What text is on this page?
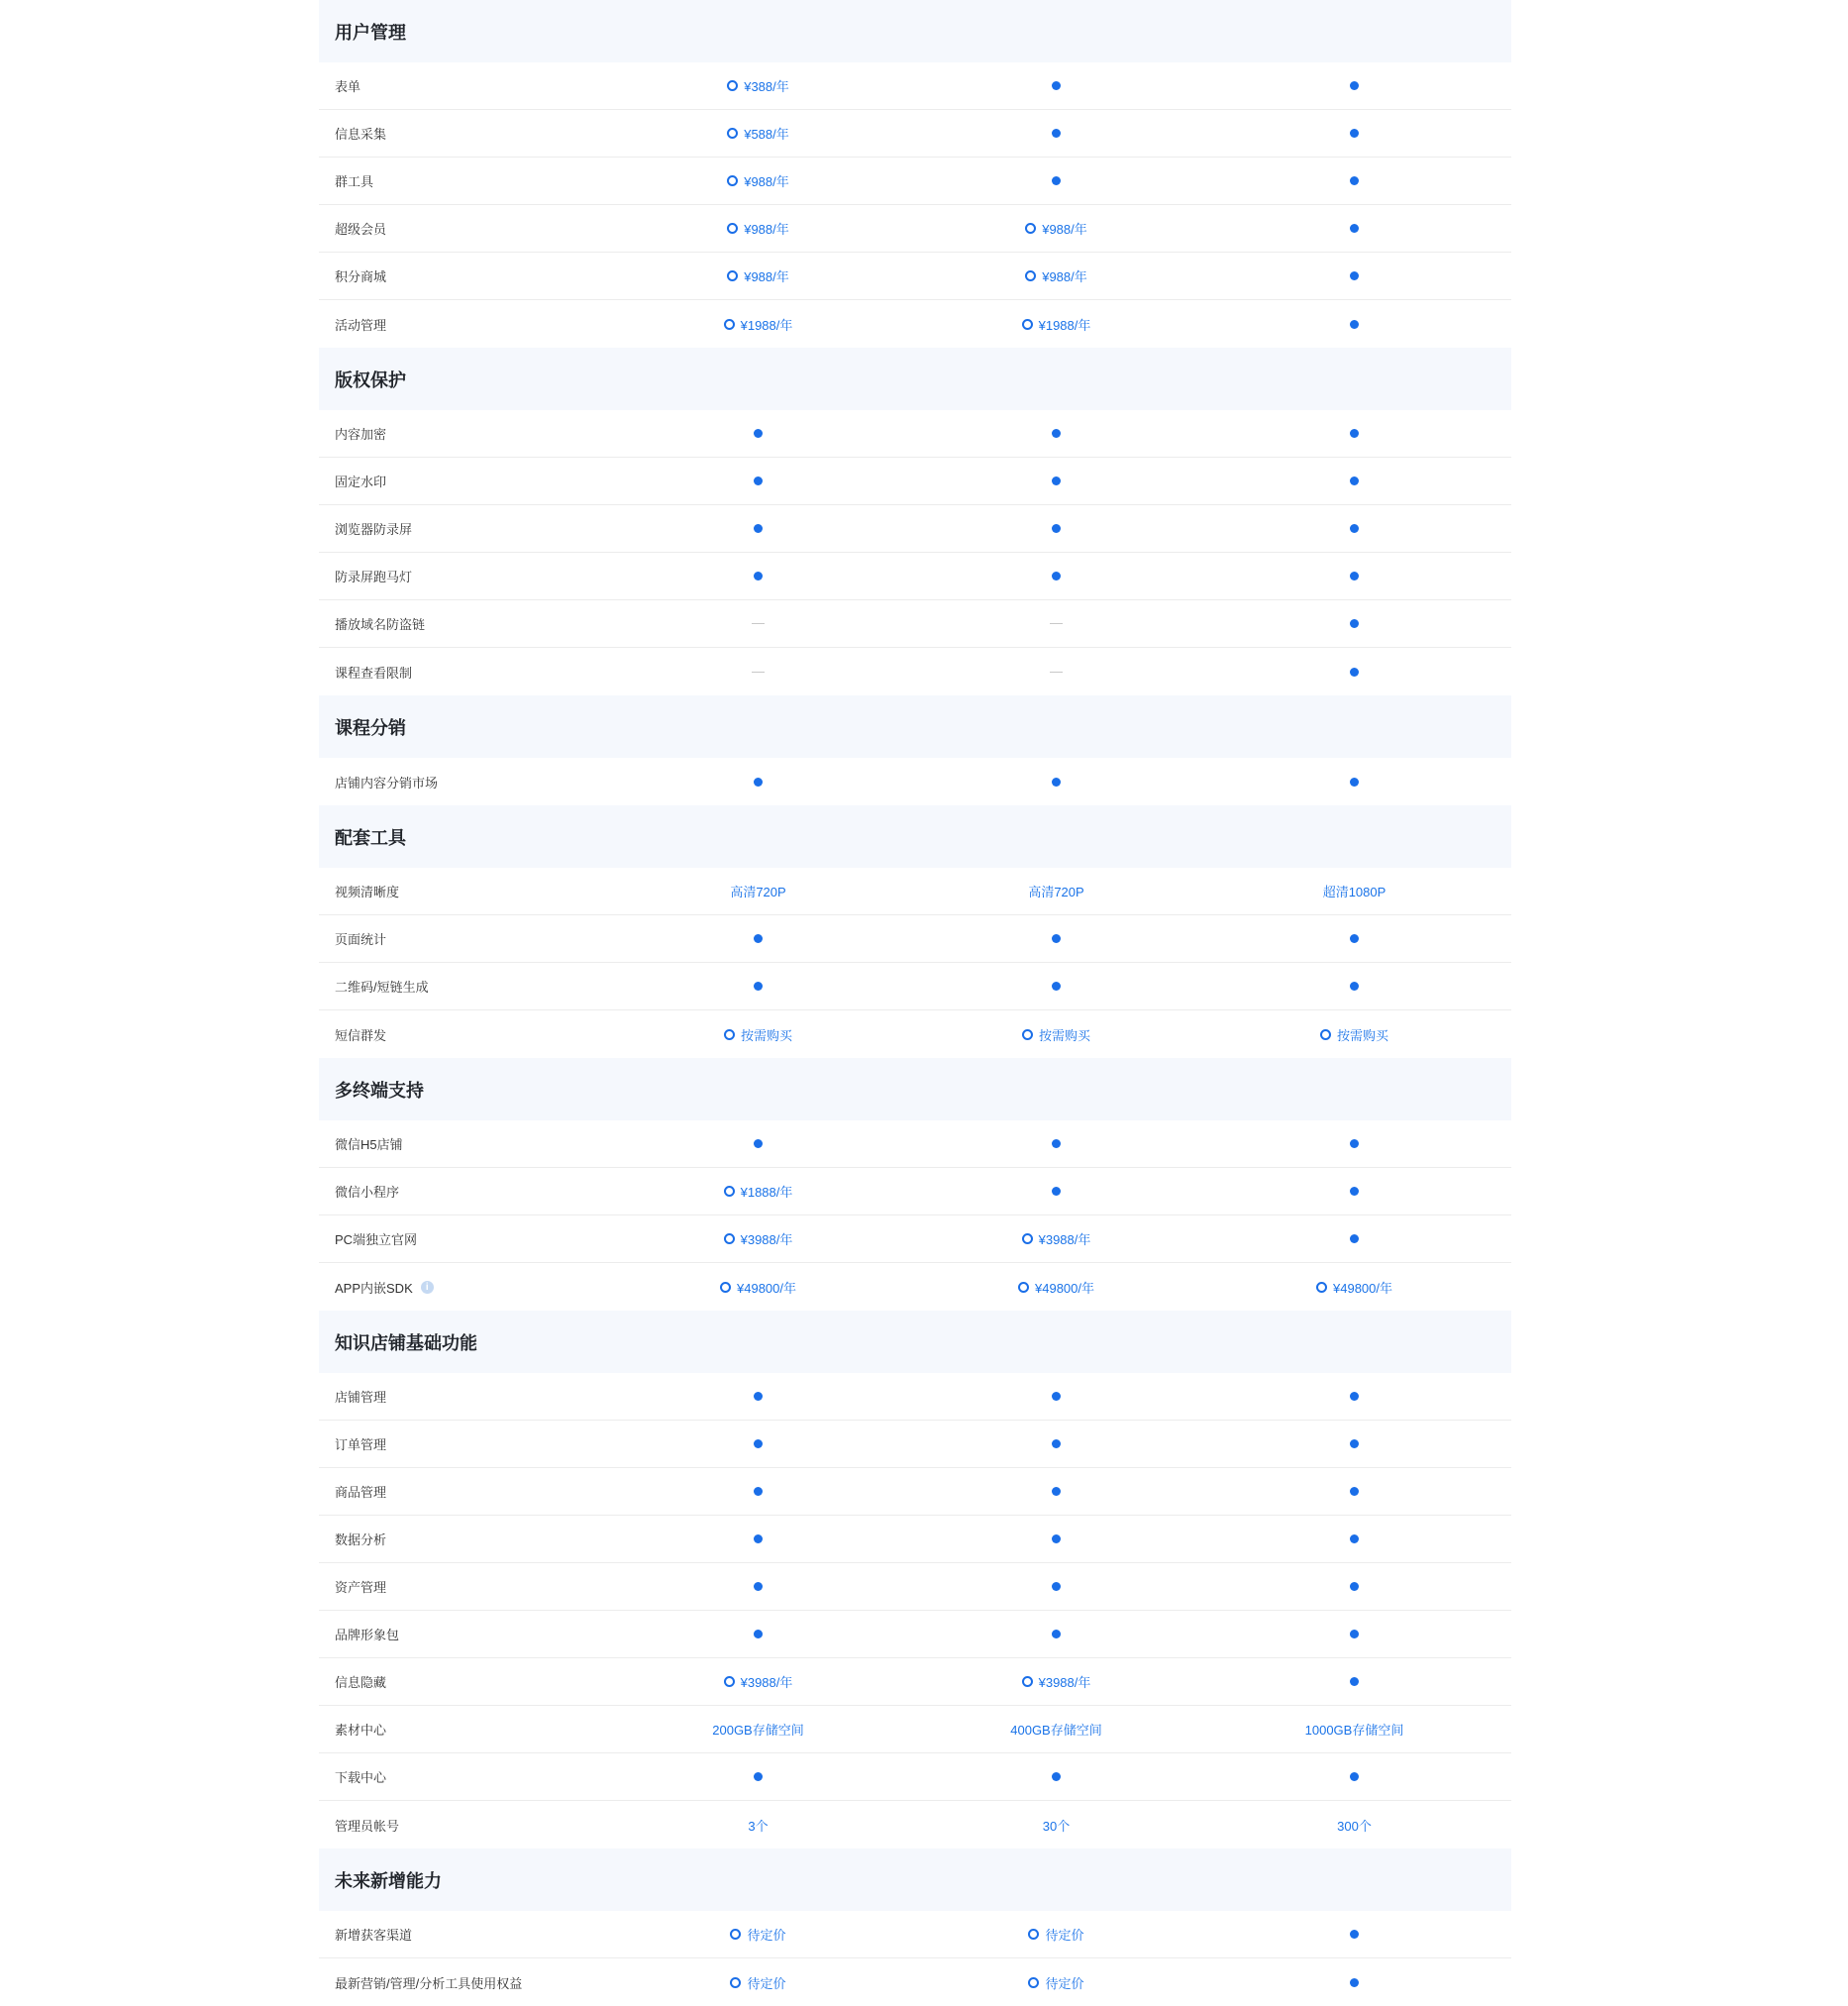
用户管理
表单	¥388/年
信息采集	¥588/年
群工具	¥988/年
超级会员	¥988/年	¥988/年
积分商城	¥988/年	¥988/年
活动管理	¥1988/年	¥1988/年
版权保护
内容加密
固定水印
浏览器防录屏
防录屏跑马灯
播放域名防盗链
课程查看限制
课程分销
店铺内容分销市场
配套工具
视频清晰度	高清720P	高清720P	超清1080P
页面统计
二维码/短链生成
短信群发	按需购买	按需购买	按需购买
多终端支持
微信H5店铺
微信小程序	¥1888/年
PC端独立官网	¥3988/年	¥3988/年
APP内嵌SDK	i	¥49800/年	¥49800/年	¥49800/年
知识店铺基础功能
店铺管理
订单管理
商品管理
数据分析
资产管理
品牌形象包
信息隐藏	¥3988/年	¥3988/年
素材中心	200GB存储空间	400GB存储空间	1000GB存储空间
下载中心
管理员帐号	3个	30个	300个
未来新增能力
新增获客渠道	待定价	待定价
最新营销/管理/分析工具使用权益	待定价	待定价
